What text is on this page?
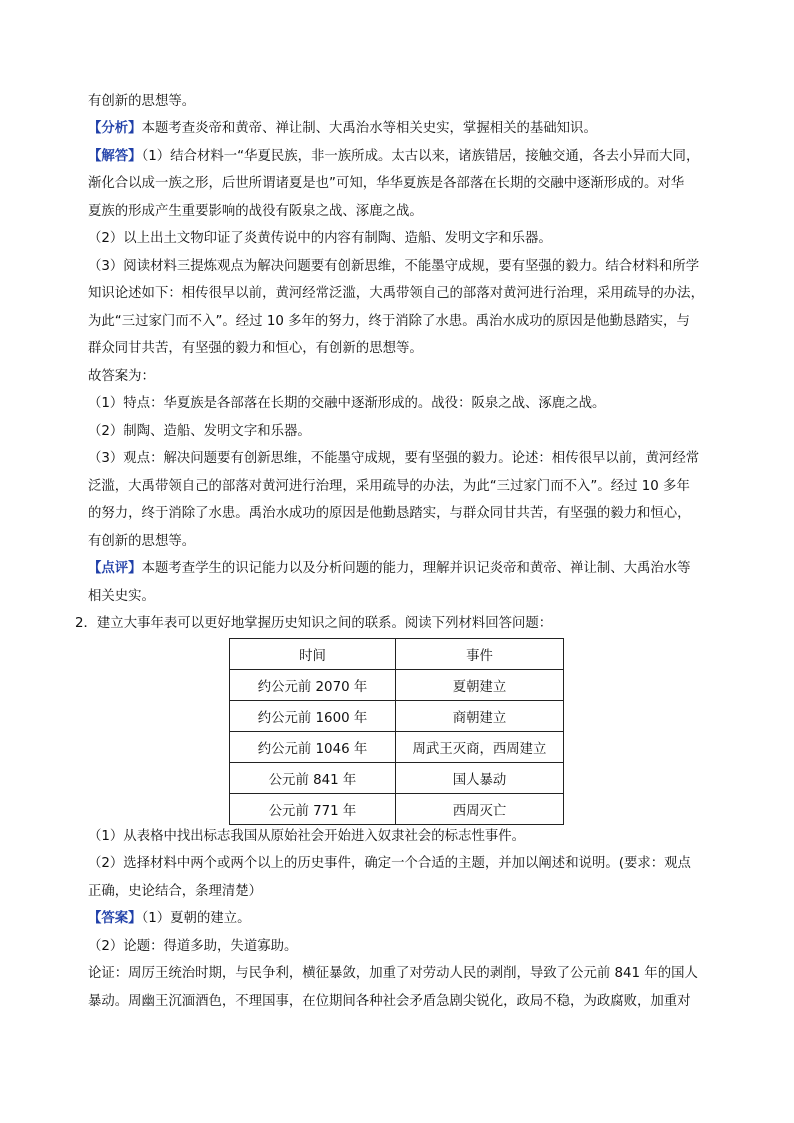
有创新的思想等。
【分析】本题考查炎帝和黄帝、禅让制、大禹治水等相关史实，掌握相关的基础知识。
【解答】（1）结合材料一“华夏民族，非一族所成。太古以来，诸族错居，接触交通，各去小异而大同，
渐化合以成一族之形，后世所谓诸夏是也”可知，华华夏族是各部落在长期的交融中逐渐形成的。对华
夏族的形成产生重要影响的战役有阪泉之战、涿鹿之战。
（2）以上出土文物印证了炎黄传说中的内容有制陶、造船、发明文字和乐器。
（3）阅读材料三提炼观点为解决问题要有创新思维，不能墨守成规，要有坚强的毅力。结合材料和所学
知识论述如下：相传很早以前，黄河经常泛滥，大禹带领自己的部落对黄河进行治理，采用疏导的办法，
为此“三过家门而不入”。经过 10 多年的努力，终于消除了水患。禹治水成功的原因是他勤恳踏实，与
群众同甘共苦，有坚强的毅力和恒心，有创新的思想等。
故答案为：
（1）特点：华夏族是各部落在长期的交融中逐渐形成的。战役：阪泉之战、涿鹿之战。
（2）制陶、造船、发明文字和乐器。
（3）观点：解决问题要有创新思维，不能墨守成规，要有坚强的毅力。论述：相传很早以前，黄河经常
泛滥，大禹带领自己的部落对黄河进行治理，采用疏导的办法，为此“三过家门而不入”。经过 10 多年
的努力，终于消除了水患。禹治水成功的原因是他勤恳踏实，与群众同甘共苦，有坚强的毅力和恒心，
有创新的思想等。
【点评】本题考查学生的识记能力以及分析问题的能力，理解并识记炎帝和黄帝、禅让制、大禹治水等
相关史实。
2．建立大事年表可以更好地掌握历史知识之间的联系。阅读下列材料回答问题：
时间	事件
约公元前 2070 年	夏朝建立
约公元前 1600 年	商朝建立
约公元前 1046 年	周武王灭商，西周建立
公元前 841 年	国人暴动
公元前 771 年	西周灭亡
（1）从表格中找出标志我国从原始社会开始进入奴隶社会的标志性事件。
（2）选择材料中两个或两个以上的历史事件，确定一个合适的主题，并加以阐述和说明。(要求：观点
正确，史论结合，条理清楚）
【答案】（1）夏朝的建立。
（2）论题：得道多助，失道寡助。
论证：周厉王统治时期，与民争利，横征暴敛，加重了对劳动人民的剥削，导致了公元前 841 年的国人
暴动。周幽王沉湎酒色，不理国事，在位期间各种社会矛盾急剧尖锐化，政局不稳，为政腐败，加重对
